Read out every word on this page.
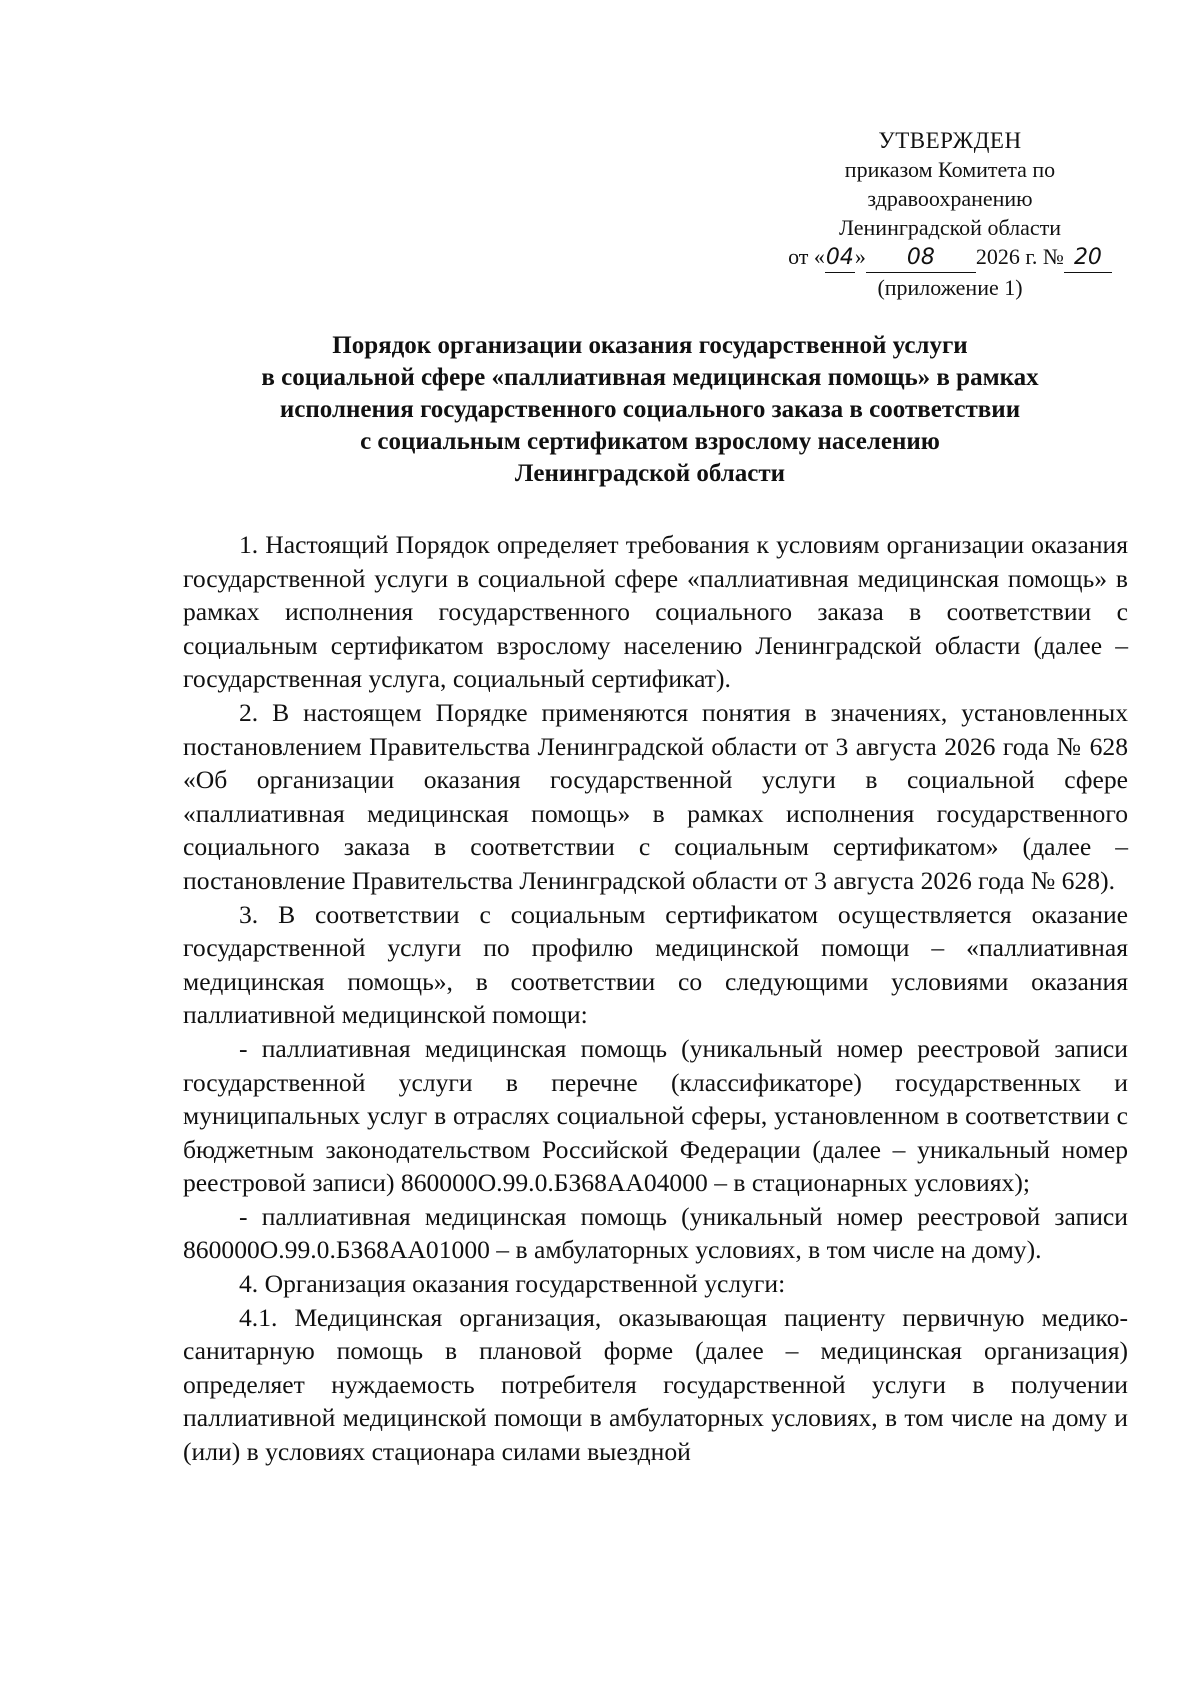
УТВЕРЖДЕН
приказом Комитета по
здравоохранению
Ленинградской области
от «04» 08 2026 г. № 20
(приложение 1)
Порядок организации оказания государственной услуги
в социальной сфере «паллиативная медицинская помощь» в рамках
исполнения государственного социального заказа в соответствии
с социальным сертификатом взрослому населению
Ленинградской области

1. Настоящий Порядок определяет требования к условиям организации оказания государственной услуги в социальной сфере «паллиативная медицинская помощь» в рамках исполнения государственного социального заказа в соответствии с социальным сертификатом взрослому населению Ленинградской области (далее – государственная услуга, социальный сертификат).

2. В настоящем Порядке применяются понятия в значениях, установленных постановлением Правительства Ленинградской области от 3 августа 2026 года № 628 «Об организации оказания государственной услуги в социальной сфере «паллиативная медицинская помощь» в рамках исполнения государственного социального заказа в соответствии с социальным сертификатом» (далее – постановление Правительства Ленинградской области от 3 августа 2026 года № 628).

3. В соответствии с социальным сертификатом осуществляется оказание государственной услуги по профилю медицинской помощи – «паллиативная медицинская помощь», в соответствии со следующими условиями оказания паллиативной медицинской помощи:

- паллиативная медицинская помощь (уникальный номер реестровой записи государственной услуги в перечне (классификаторе) государственных и муниципальных услуг в отраслях социальной сферы, установленном в соответствии с бюджетным законодательством Российской Федерации (далее – уникальный номер реестровой записи) 860000О.99.0.БЗ68АА04000 – в стационарных условиях);

- паллиативная медицинская помощь (уникальный номер реестровой записи 860000О.99.0.БЗ68АА01000 – в амбулаторных условиях, в том числе на дому).

4. Организация оказания государственной услуги:

4.1. Медицинская организация, оказывающая пациенту первичную медико-санитарную помощь в плановой форме (далее – медицинская организация) определяет нуждаемость потребителя государственной услуги в получении паллиативной медицинской помощи в амбулаторных условиях, в том числе на дому и (или) в условиях стационара силами выездной
